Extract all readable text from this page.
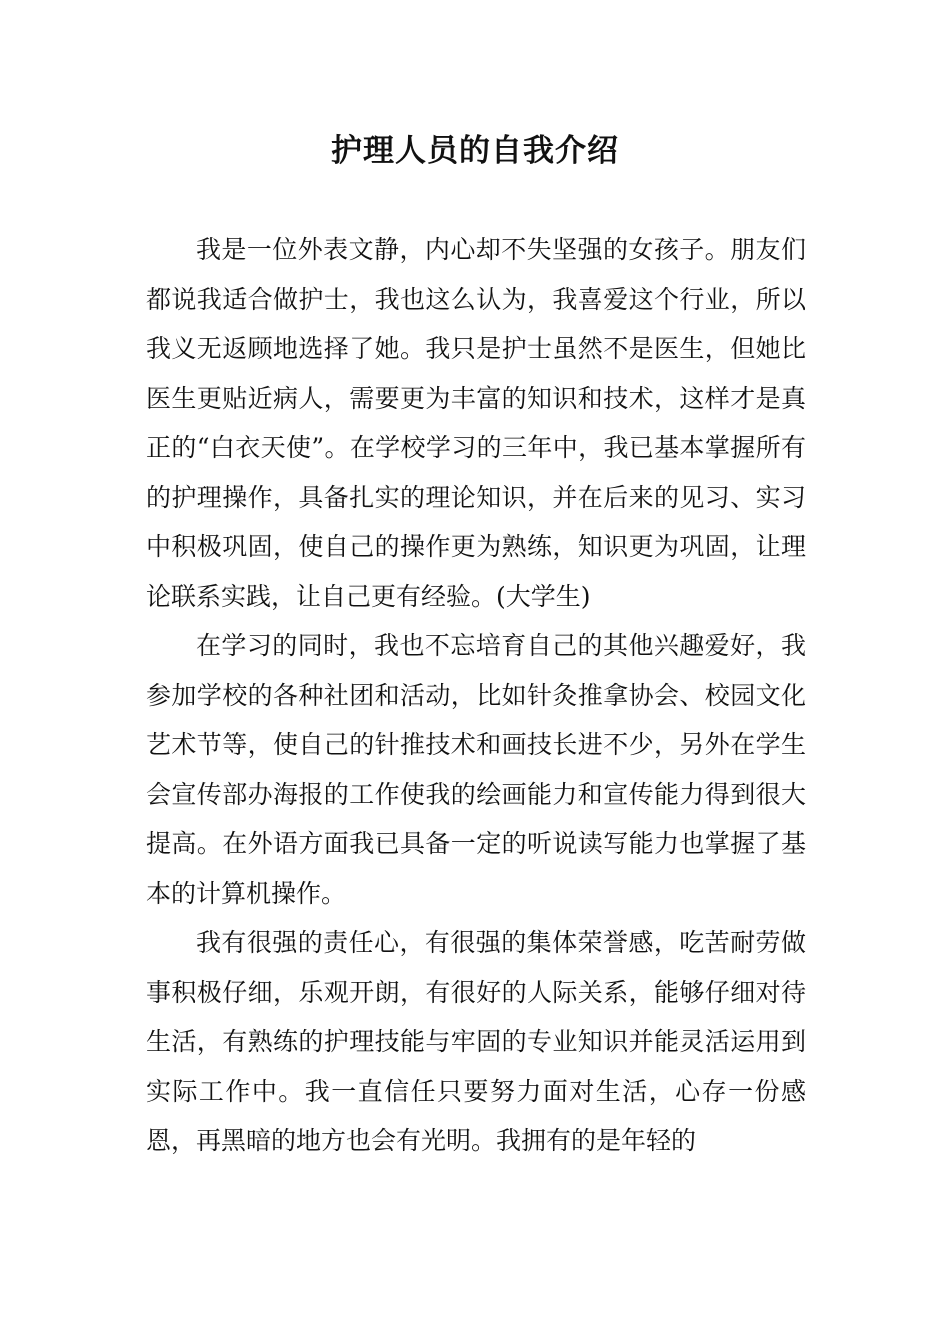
护理人员的自我介绍

我是一位外表文静，内心却不失坚强的女孩子。朋友们都说我适合做护士，我也这么认为，我喜爱这个行业，所以我义无返顾地选择了她。我只是护士虽然不是医生，但她比医生更贴近病人，需要更为丰富的知识和技术，这样才是真正的“白衣天使”。在学校学习的三年中，我已基本掌握所有的护理操作，具备扎实的理论知识，并在后来的见习、实习中积极巩固，使自己的操作更为熟练，知识更为巩固，让理论联系实践，让自己更有经验。(大学生)

在学习的同时，我也不忘培育自己的其他兴趣爱好，我参加学校的各种社团和活动，比如针灸推拿协会、校园文化艺术节等，使自己的针推技术和画技长进不少，另外在学生会宣传部办海报的工作使我的绘画能力和宣传能力得到很大提高。在外语方面我已具备一定的听说读写能力也掌握了基本的计算机操作。

我有很强的责任心，有很强的集体荣誉感，吃苦耐劳做事积极仔细，乐观开朗，有很好的人际关系，能够仔细对待生活，有熟练的护理技能与牢固的专业知识并能灵活运用到实际工作中。我一直信任只要努力面对生活，心存一份感恩，再黑暗的地方也会有光明。我拥有的是年轻的
